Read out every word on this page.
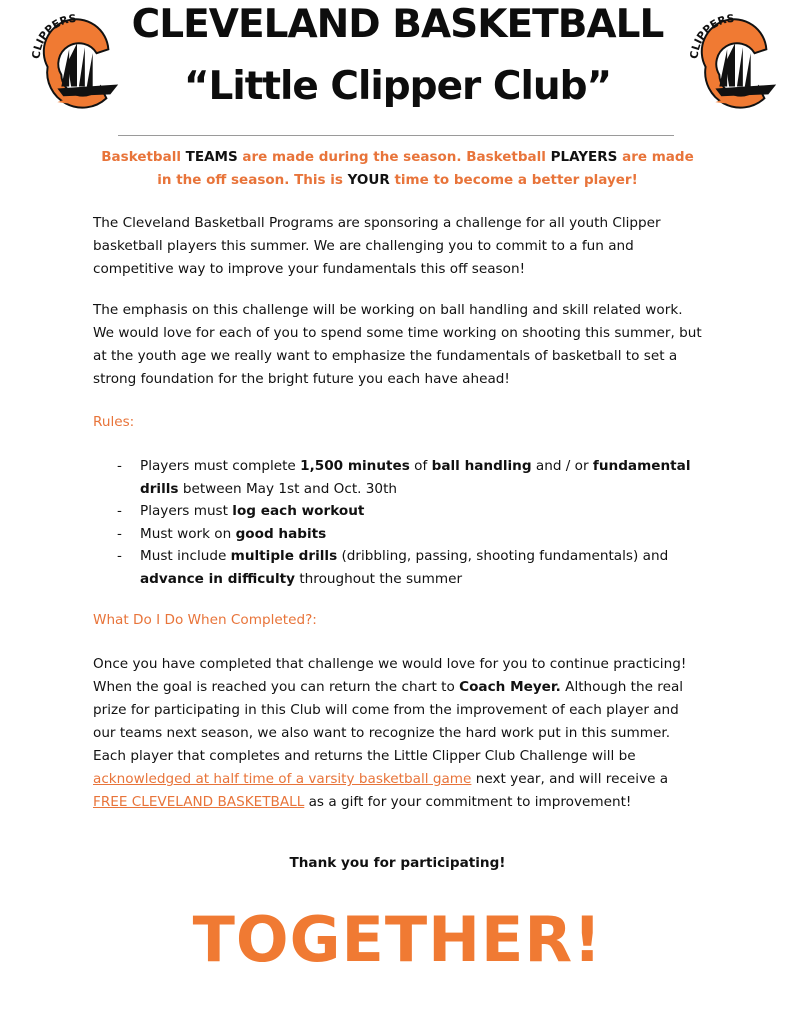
CLIPPERS
CLIPPERS
CLEVELAND BASKETBALL
“Little Clipper Club”
Basketball TEAMS are made during the season. Basketball PLAYERS are made in the off season. This is YOUR time to become a better player!
The Cleveland Basketball Programs are sponsoring a challenge for all youth Clipper basketball players this summer. We are challenging you to commit to a fun and competitive way to improve your fundamentals this off season!
The emphasis on this challenge will be working on ball handling and skill related work. We would love for each of you to spend some time working on shooting this summer, but at the youth age we really want to emphasize the fundamentals of basketball to set a strong foundation for the bright future you each have ahead!
Rules:
- Players must complete 1,500 minutes of ball handling and / or fundamental drills between May 1st and Oct. 30th
- Players must log each workout
- Must work on good habits
- Must include multiple drills (dribbling, passing, shooting fundamentals) and advance in difficulty throughout the summer
What Do I Do When Completed?:
Once you have completed that challenge we would love for you to continue practicing! When the goal is reached you can return the chart to Coach Meyer. Although the real prize for participating in this Club will come from the improvement of each player and our teams next season, we also want to recognize the hard work put in this summer. Each player that completes and returns the Little Clipper Club Challenge will be acknowledged at half time of a varsity basketball game next year, and will receive a FREE CLEVELAND BASKETBALL as a gift for your commitment to improvement!
Thank you for participating!
TOGETHER!
